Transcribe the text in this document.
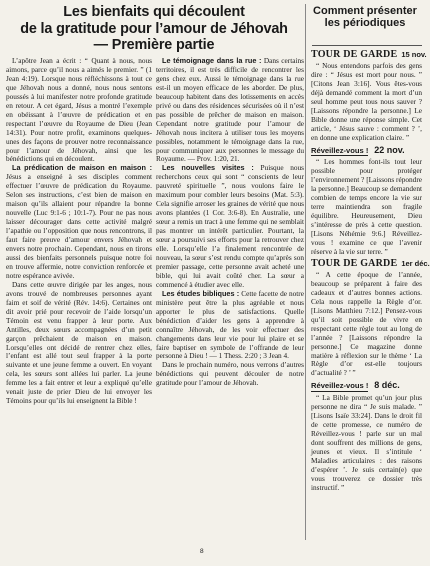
Les bienfaits qui découlent
de la gratitude pour l’amour de Jéhovah
— Première partie

L’apôtre Jean a écrit : “ Quant à nous, nous aimons, parce qu’il nous a aimés le premier. ” (1 Jean 4:19). Lorsque nous réfléchissons à tout ce que Jéhovah nous a donné, nous nous sentons poussés à lui manifester notre profonde gratitude en retour. A cet égard, Jésus a montré l’exemple en obéissant à l’œuvre de prédication et en respectant l’œuvre du Royaume de Dieu (Jean 14:31). Pour notre profit, examinons quelques-unes des façons de prouver notre reconnaissance pour l’amour de Jéhovah, ainsi que les bénédictions qui en découlent.

La prédication de maison en maison : Jésus a enseigné à ses disciples comment effectuer l’œuvre de prédication du Royaume. Selon ses instructions, c’est bien de maison en maison qu’ils allaient pour répandre la bonne nouvelle (Luc 9:1-6 ; 10:1-7). Pour ne pas nous laisser décourager dans cette activité malgré l’apathie ou l’opposition que nous rencontrons, il faut faire preuve d’amour envers Jéhovah et envers notre prochain. Cependant, nous en tirons aussi des bienfaits personnels puisque notre foi en trouve affermie, notre conviction renforcée et notre espérance avivée.

Dans cette œuvre dirigée par les anges, nous avons trouvé de nombreuses personnes ayant faim et soif de vérité (Rév. 14:6). Certaines ont dit avoir prié pour recevoir de l’aide lorsqu’un Témoin est venu frapper à leur porte. Aux Antilles, deux sœurs accompagnées d’un petit garçon prêchaient de maison en maison. Lorsqu’elles ont décidé de rentrer chez elles, l’enfant est allé tout seul frapper à la porte suivante et une jeune femme a ouvert. En voyant cela, les sœurs sont allées lui parler. La jeune femme les a fait entrer et leur a expliqué qu’elle venait juste de prier Dieu de lui envoyer les Témoins pour qu’ils lui enseignent la Bible !

Le témoignage dans la rue : Dans certains territoires, il est très difficile de rencontrer les gens chez eux. Aussi le témoignage dans la rue est-il un moyen efficace de les aborder. De plus, beaucoup habitent dans des lotissements en accès privé ou dans des résidences sécurisées où il n’est pas possible de prêcher de maison en maison. Cependant notre gratitude pour l’amour de Jéhovah nous incitera à utiliser tous les moyens possibles, notamment le témoignage dans la rue, pour communiquer aux personnes le message du Royaume. — Prov. 1:20, 21.

Les nouvelles visites : Puisque nous recherchons ceux qui sont “ conscients de leur pauvreté spirituelle ”, nous voulons faire le maximum pour combler leurs besoins (Mat. 5:3). Cela signifie arroser les graines de vérité que nous avons plantées (1 Cor. 3:6-8). En Australie, une sœur a remis un tract à une femme qui ne semblait pas montrer un intérêt particulier. Pourtant, la sœur a poursuivi ses efforts pour la retrouver chez elle. Lorsqu’elle l’a finalement rencontrée de nouveau, la sœur s’est rendu compte qu’après son premier passage, cette personne avait acheté une bible, qui lui avait coûté cher. La sœur a commencé à étudier avec elle.

Les études bibliques : Cette facette de notre ministère peut être la plus agréable et nous apporter le plus de satisfactions. Quelle bénédiction d’aider les gens à apprendre à connaître Jéhovah, de les voir effectuer des changements dans leur vie pour lui plaire et se faire baptiser en symbole de l’offrande de leur personne à Dieu ! — 1 Thess. 2:20 ; 3 Jean 4.

Dans le prochain numéro, nous verrons d’autres bénédictions qui peuvent découler de notre gratitude pour l’amour de Jéhovah.

Comment présenter
les périodiques
TOUR DE GARDE 15 nov.

“ Nous entendons parfois des gens dire : “ Jésus est mort pour nous. ” [Citons Jean 3:16]. Vous êtes-vous déjà demandé comment la mort d’un seul homme peut tous nous sauver ? [Laissons répondre la personne.] Le Bible donne une réponse simple. Cet article, ‘ Jésus sauve : comment ? ’, en donne une explication claire. ”

Réveillez-vous ! 22 nov.

“ Les hommes font-ils tout leur possible pour protéger l’environnement ? [Laissons répondre la personne.] Beaucoup se demandent combien de temps encore la vie sur terre maintiendra son fragile équilibre. Heureusement, Dieu s’intéresse de près à cette question. [Lisons Néhémie 9:6.] Réveillez-vous ! examine ce que l’avenir réserve à la vie sur terre. ”

TOUR DE GARDE 1er déc.

“ A cette époque de l’année, beaucoup se préparent à faire des cadeaux et d’autres bonnes actions. Cela nous rappelle la Règle d’or. [Lisons Matthieu 7:12.] Pensez-vous qu’il soit possible de vivre en respectant cette règle tout au long de l’année ? [Laissons répondre la personne.] Ce magazine donne matière à réflexion sur le thème ‘ La Règle d’or est-elle toujours d’actualité ? ’ ”

Réveillez-vous ! 8 déc.

“ La Bible promet qu’un jour plus personne ne dira “ Je suis malade. ” [Lisons Isaïe 33:24]. Dans le droit fil de cette promesse, ce numéro de Réveillez-vous ! parle sur un mal dont souffrent des millions de gens, jeunes et vieux. Il s’intitule ‘ Maladies articulaires : des raisons d’espérer ’. Je suis certain(e) que vous trouverez ce dossier très instructif. ”

8
